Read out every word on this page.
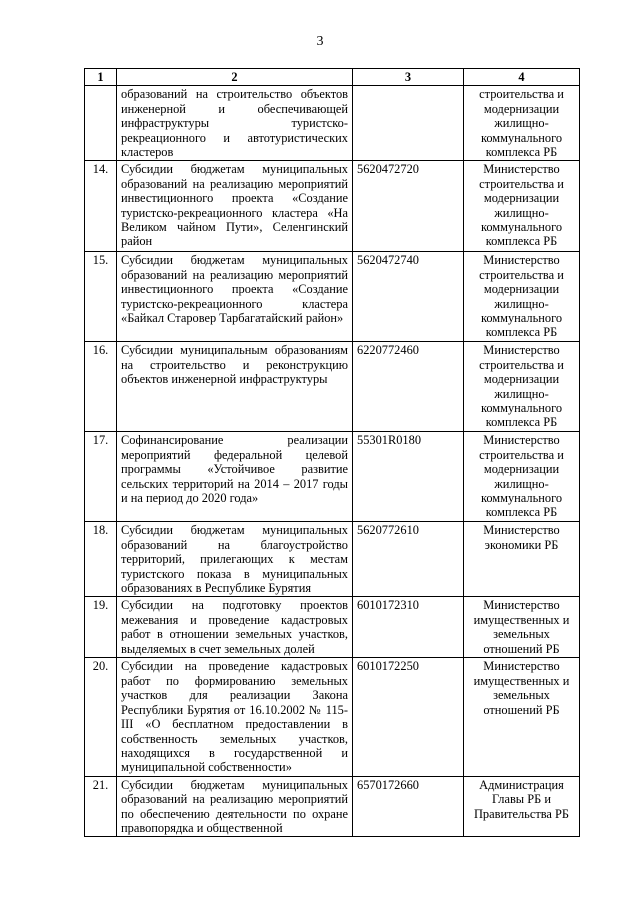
3
1	2	3	4
	образований на строительство объектов инженерной и обеспечивающей инфраструктуры туристско-рекреационного и автотуристических кластеров		строительства и модернизации жилищно-коммунального комплекса РБ
14.	Субсидии бюджетам муниципальных образований на реализацию мероприятий инвестиционного проекта «Создание туристско-рекреационного кластера «На Великом чайном Пути», Селенгинский район	5620472720	Министерство строительства и модернизации жилищно-коммунального комплекса РБ
15.	Субсидии бюджетам муниципальных образований на реализацию мероприятий инвестиционного проекта «Создание туристско-рекреационного кластера «Байкал Старовер Тарбагатайский район»	5620472740	Министерство строительства и модернизации жилищно-коммунального комплекса РБ
16.	Субсидии муниципальным образованиям на строительство и реконструкцию объектов инженерной инфраструктуры	6220772460	Министерство строительства и модернизации жилищно-коммунального комплекса РБ
17.	Софинансирование реализации мероприятий федеральной целевой программы «Устойчивое развитие сельских территорий на 2014 – 2017 годы и на период до 2020 года»	55301R0180	Министерство строительства и модернизации жилищно-коммунального комплекса РБ
18.	Субсидии бюджетам муниципальных образований на благоустройство территорий, прилегающих к местам туристского показа в муниципальных образованиях в Республике Бурятия	5620772610	Министерство экономики РБ
19.	Субсидии на подготовку проектов межевания и проведение кадастровых работ в отношении земельных участков, выделяемых в счет земельных долей	6010172310	Министерство имущественных и земельных отношений РБ
20.	Субсидии на проведение кадастровых работ по формированию земельных участков для реализации Закона Республики Бурятия от 16.10.2002 № 115-III «О бесплатном предоставлении в собственность земельных участков, находящихся в государственной и муниципальной собственности»	6010172250	Министерство имущественных и земельных отношений РБ
21.	Субсидии бюджетам муниципальных образований на реализацию мероприятий по обеспечению деятельности по охране правопорядка и общественной	6570172660	Администрация Главы РБ и Правительства РБ
